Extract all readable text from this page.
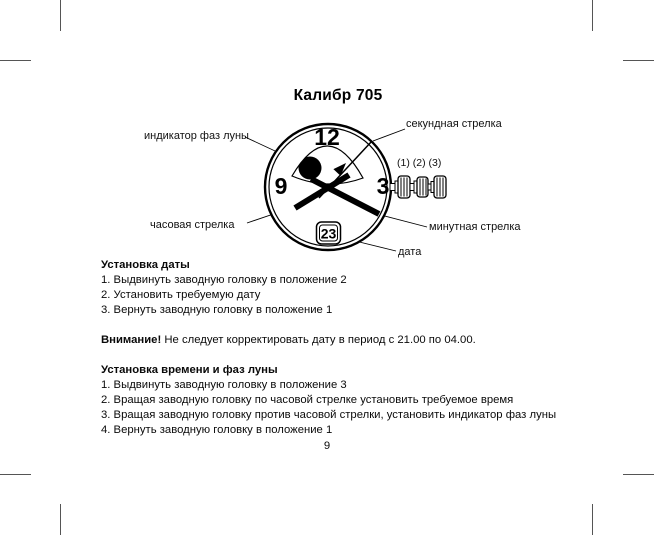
Калибр 705
12
9	3
23
индикатор фаз луны
секундная стрелка
(1) (2) (3)
часовая стрелка	минутная стрелка
дата
Установка даты
1. Выдвинуть заводную головку в положение 2
2. Установить требуемую дату
3. Вернуть заводную головку в положение 1
Внимание! Не следует корректировать дату в период с 21.00 по 04.00.
Установка времени и фаз луны
1. Выдвинуть заводную головку в положение 3
2. Вращая заводную головку по часовой стрелке установить требуемое время
3. Вращая заводную головку против часовой стрелки, установить индикатор фаз луны
4. Вернуть заводную головку в положение 1
9
